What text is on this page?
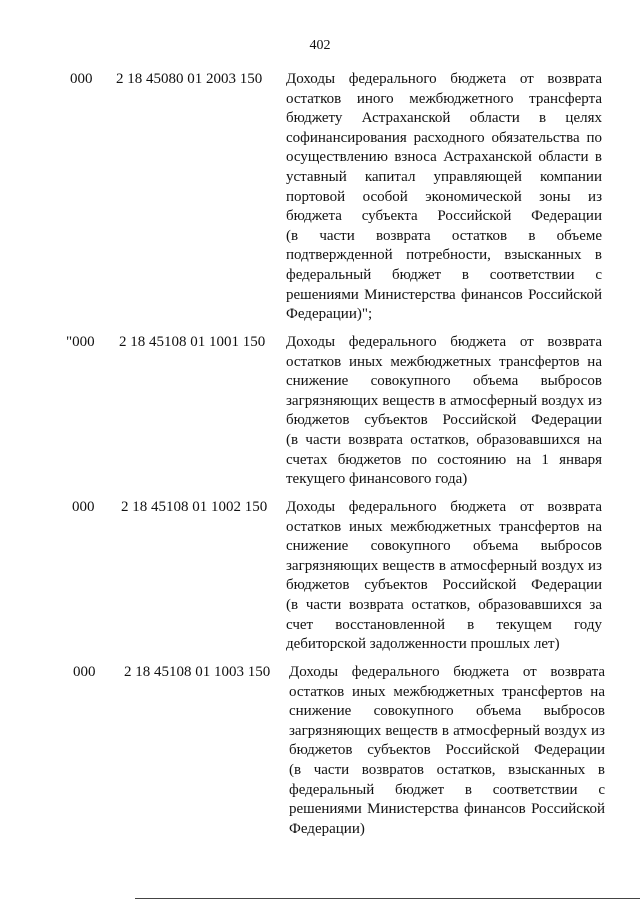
402
000 2 18 45080 01 2003 150 Доходы федерального бюджета от возврата
остатков иного межбюджетного трансферта
бюджету Астраханской области в целях
софинансирования расходного обязательства по
осуществлению взноса Астраханской области в
уставный капитал управляющей компании
портовой особой экономической зоны из
бюджета субъекта Российской Федерации
(в части возврата остатков в объеме
подтвержденной потребности, взысканных в
федеральный бюджет в соответствии с
решениями Министерства финансов Российской
Федерации)";
"000 2 18 45108 01 1001 150 Доходы федерального бюджета от возврата
остатков иных межбюджетных трансфертов на
снижение совокупного объема выбросов
загрязняющих веществ в атмосферный воздух из
бюджетов субъектов Российской Федерации
(в части возврата остатков, образовавшихся на
счетах бюджетов по состоянию на 1 января
текущего финансового года)
000 2 18 45108 01 1002 150 Доходы федерального бюджета от возврата
остатков иных межбюджетных трансфертов на
снижение совокупного объема выбросов
загрязняющих веществ в атмосферный воздух из
бюджетов субъектов Российской Федерации
(в части возврата остатков, образовавшихся за
счет восстановленной в текущем году
дебиторской задолженности прошлых лет)
000 2 18 45108 01 1003 150 Доходы федерального бюджета от возврата
остатков иных межбюджетных трансфертов на
снижение совокупного объема выбросов
загрязняющих веществ в атмосферный воздух из
бюджетов субъектов Российской Федерации
(в части возвратов остатков, взысканных в
федеральный бюджет в соответствии с
решениями Министерства финансов Российской
Федерации)
